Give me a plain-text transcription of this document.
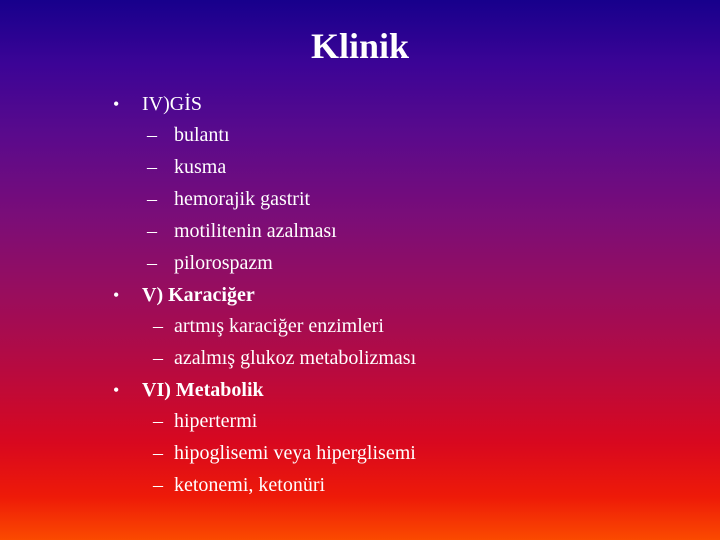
Klinik
• IV)GİS
– bulantı
– kusma
– hemorajik gastrit
– motilitenin azalması
– pilorospazm
• V) Karaciğer
– artmış karaciğer enzimleri
– azalmış glukoz metabolizması
• VI) Metabolik
– hipertermi
– hipoglisemi veya hiperglisemi
– ketonemi, ketonüri
